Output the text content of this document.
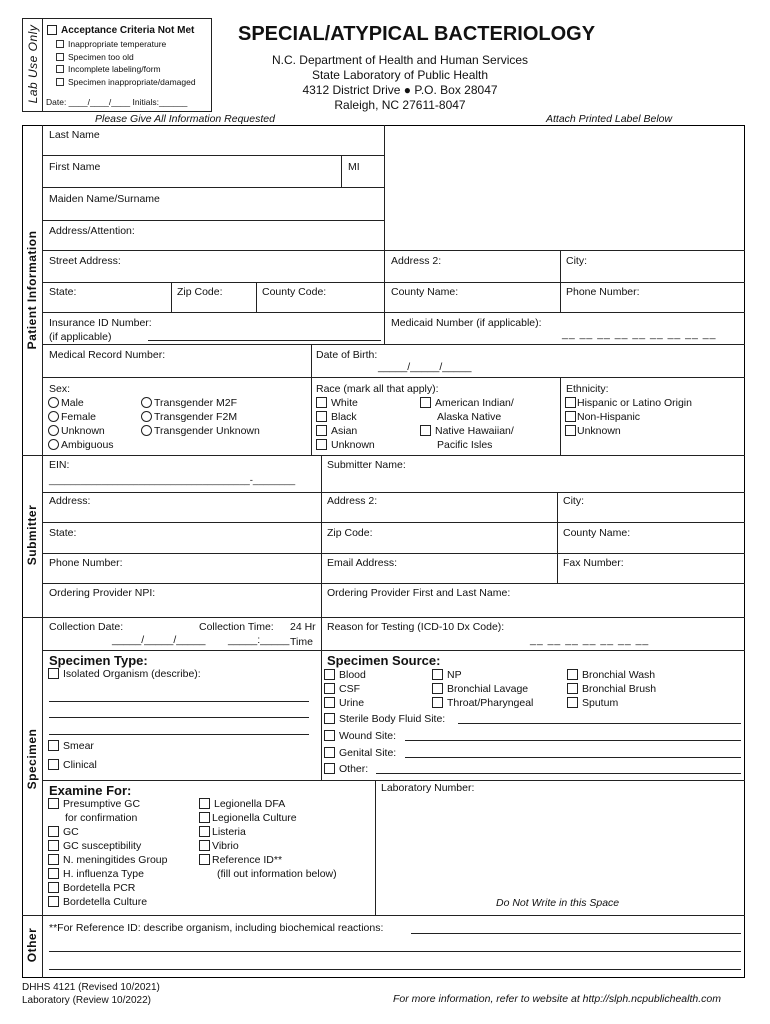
Lab Use Only	Acceptance Criteria Not Met
Inappropriate temperature
Specimen too old
Incomplete labeling/form
Specimen inappropriate/damaged
Date: ____/____/____ Initials:______
SPECIAL/ATYPICAL BACTERIOLOGY
N.C. Department of Health and Human Services
State Laboratory of Public Health
4312 District Drive ● P.O. Box 28047
Raleigh, NC 27611-8047
Please Give All Information Requested	Attach Printed Label Below
Patient Information
Submitter
Specimen
Other
Last Name
First Name	MI
Maiden Name/Surname
Address/Attention:
Street Address:	Address 2:	City:
State:	Zip Code:	County Code:	County Name:	Phone Number:
Insurance ID Number:
(if applicable)
Medicaid Number (if applicable):
__ __ __ __ __ __ __ __ __
Medical Record Number:	Date of Birth:
_____/_____/_____
Sex:
Male
Female
Unknown
Ambiguous
Transgender M2F
Transgender F2M
Transgender Unknown
Race (mark all that apply):
White
Black
Asian
Unknown
American Indian/
Alaska Native
Native Hawaiian/
Pacific Isles
Ethnicity:
Hispanic or Latino Origin
Non-Hispanic
Unknown
EIN:
______________________________________-________
Submitter Name:
Address:	Address 2:	City:
State:	Zip Code:	County Name:
Phone Number:	Email Address:	Fax Number:
Ordering Provider NPI:	Ordering Provider First and Last Name:
Collection Date:
_____/_____/_____
Collection Time: 24 Hr
_____:_____ Time
Reason for Testing (ICD-10 Dx Code):
__ __ __ __ __ __ __
Specimen Type:
Isolated Organism (describe):
Smear
Clinical
Specimen Source:
Blood
CSF
Urine
NP
Bronchial Lavage
Throat/Pharyngeal
Bronchial Wash
Bronchial Brush
Sputum
Sterile Body Fluid Site:
Wound Site:
Genital Site:
Other:
Examine For:
Presumptive GC
for confirmation
GC
GC susceptibility
N. meningitides Group
H. influenza Type
Bordetella PCR
Bordetella Culture
Legionella DFA
Legionella Culture
Listeria
Vibrio
Reference ID**
(fill out information below)
Laboratory Number:
Do Not Write in this Space
**For Reference ID: describe organism, including biochemical reactions:
DHHS 4121 (Revised 10/2021)
Laboratory (Review 10/2022)	For more information, refer to website at http://slph.ncpublichealth.com
